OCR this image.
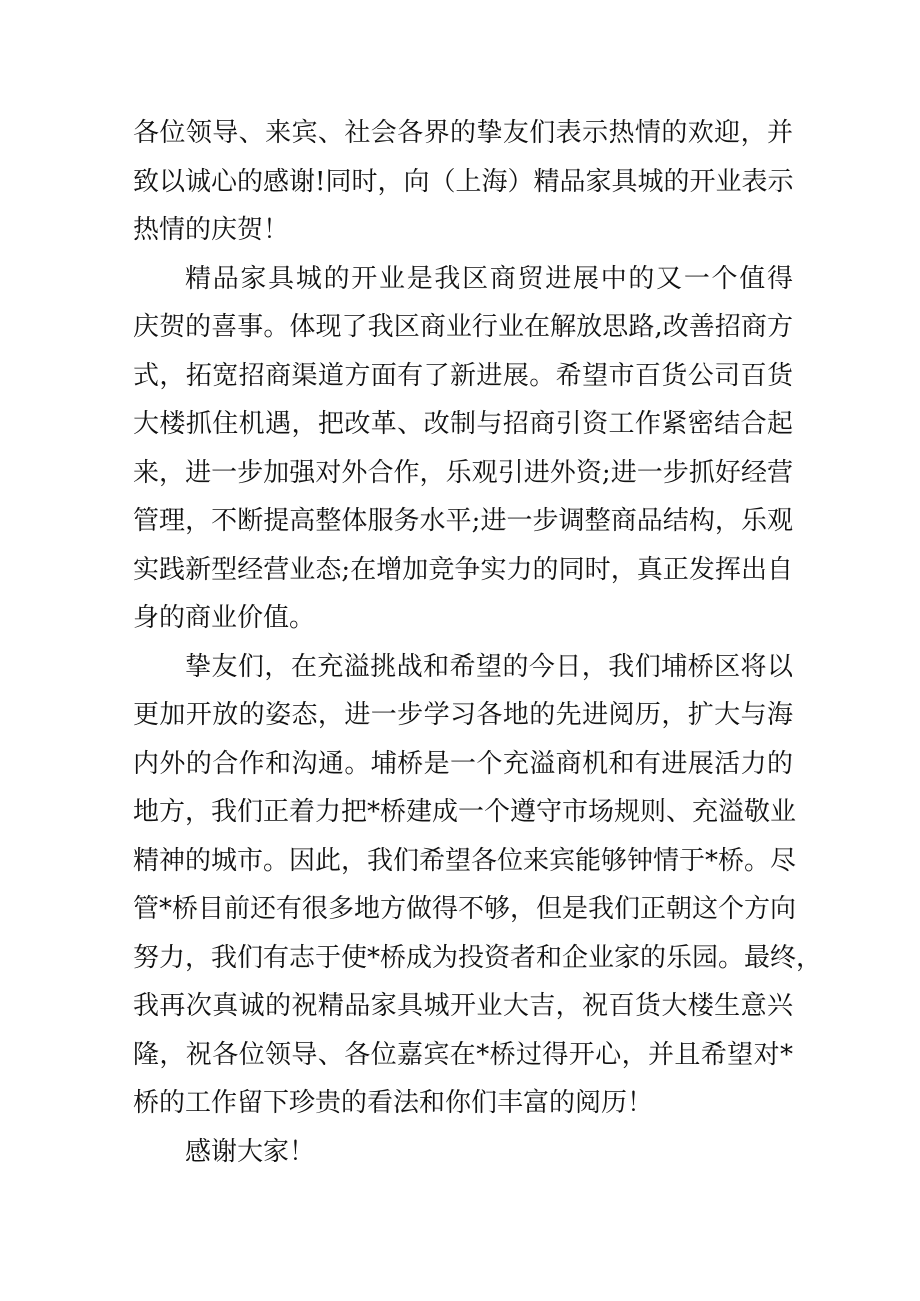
各位领导、来宾、社会各界的挚友们表示热情的欢迎，并
致以诚心的感谢!同时，向（上海）精品家具城的开业表示
热情的庆贺！
精品家具城的开业是我区商贸进展中的又一个值得
庆贺的喜事。体现了我区商业行业在解放思路,改善招商方
式，拓宽招商渠道方面有了新进展。希望市百货公司百货
大楼抓住机遇，把改革、改制与招商引资工作紧密结合起
来，进一步加强对外合作，乐观引进外资;进一步抓好经营
管理，不断提高整体服务水平;进一步调整商品结构，乐观
实践新型经营业态;在增加竞争实力的同时，真正发挥出自
身的商业价值。
挚友们，在充溢挑战和希望的今日，我们埔桥区将以
更加开放的姿态，进一步学习各地的先进阅历，扩大与海
内外的合作和沟通。埔桥是一个充溢商机和有进展活力的
地方，我们正着力把*桥建成一个遵守市场规则、充溢敬业
精神的城市。因此，我们希望各位来宾能够钟情于*桥。尽
管*桥目前还有很多地方做得不够，但是我们正朝这个方向
努力，我们有志于使*桥成为投资者和企业家的乐园。最终，
我再次真诚的祝精品家具城开业大吉，祝百货大楼生意兴
隆，祝各位领导、各位嘉宾在*桥过得开心，并且希望对*
桥的工作留下珍贵的看法和你们丰富的阅历！
感谢大家！
